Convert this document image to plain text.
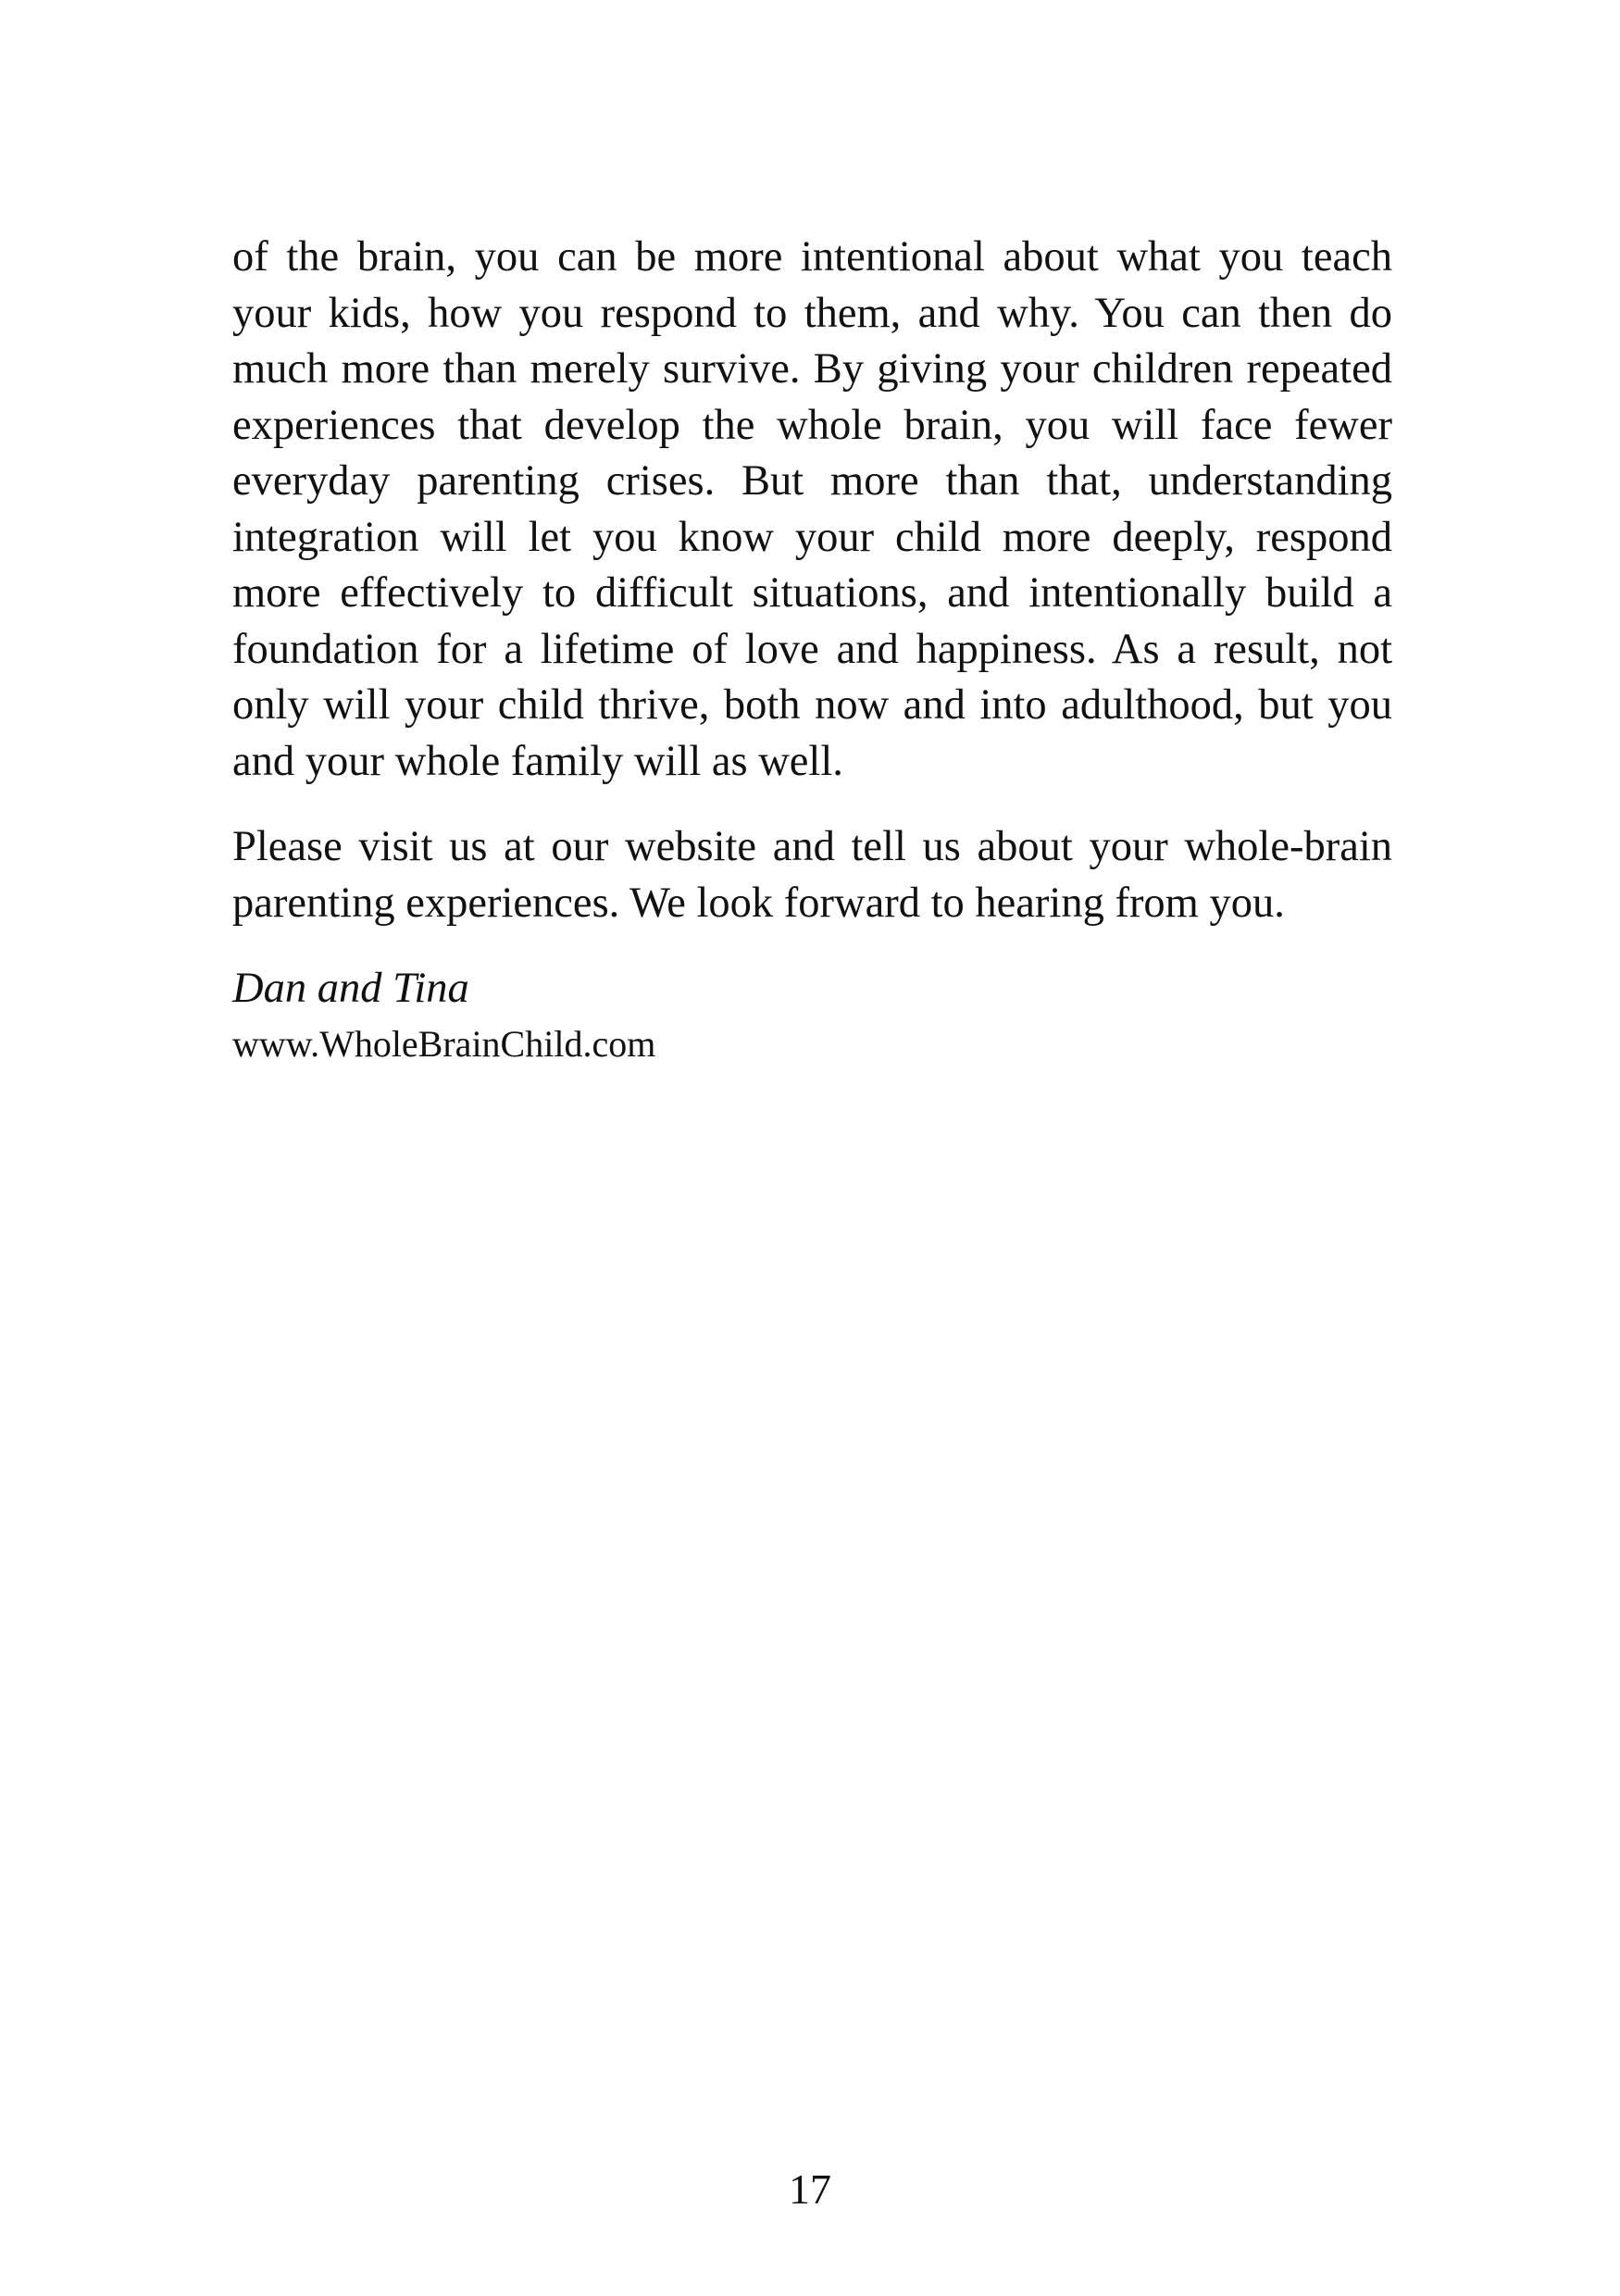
of the brain, you can be more intentional about what you teach your kids, how you respond to them, and why. You can then do much more than merely survive. By giving your children repeated experiences that develop the whole brain, you will face fewer everyday parenting crises. But more than that, understanding integration will let you know your child more deeply, respond more effectively to difficult situations, and intentionally build a foundation for a lifetime of love and happiness. As a result, not only will your child thrive, both now and into adulthood, but you and your whole family will as well.

Please visit us at our website and tell us about your whole-brain parenting experiences. We look forward to hearing from you.

Dan and Tina

www.WholeBrainChild.com

17
